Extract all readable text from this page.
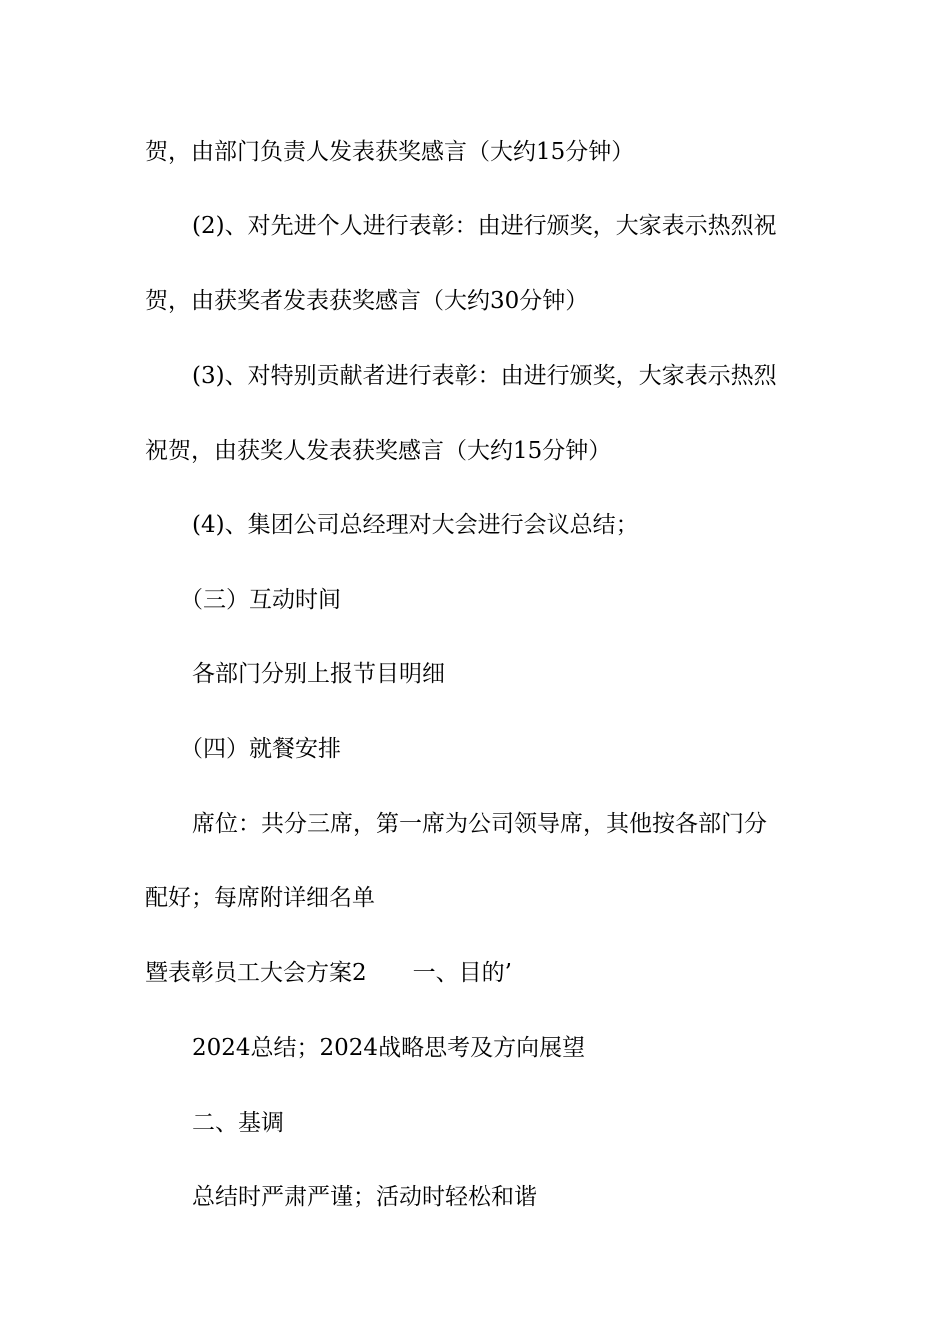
贺，由部门负责人发表获奖感言（大约15分钟）
(2)、对先进个人进行表彰：由进行颁奖，大家表示热烈祝
贺，由获奖者发表获奖感言（大约30分钟）
(3)、对特别贡献者进行表彰：由进行颁奖，大家表示热烈
祝贺，由获奖人发表获奖感言（大约15分钟）
(4)、集团公司总经理对大会进行会议总结；
（三）互动时间
各部门分别上报节目明细
（四）就餐安排
席位：共分三席，第一席为公司领导席，其他按各部门分
配好；每席附详细名单
暨表彰员工大会方案2　　一、目的’
2024总结；2024战略思考及方向展望
二、基调
总结时严肃严谨；活动时轻松和谐
